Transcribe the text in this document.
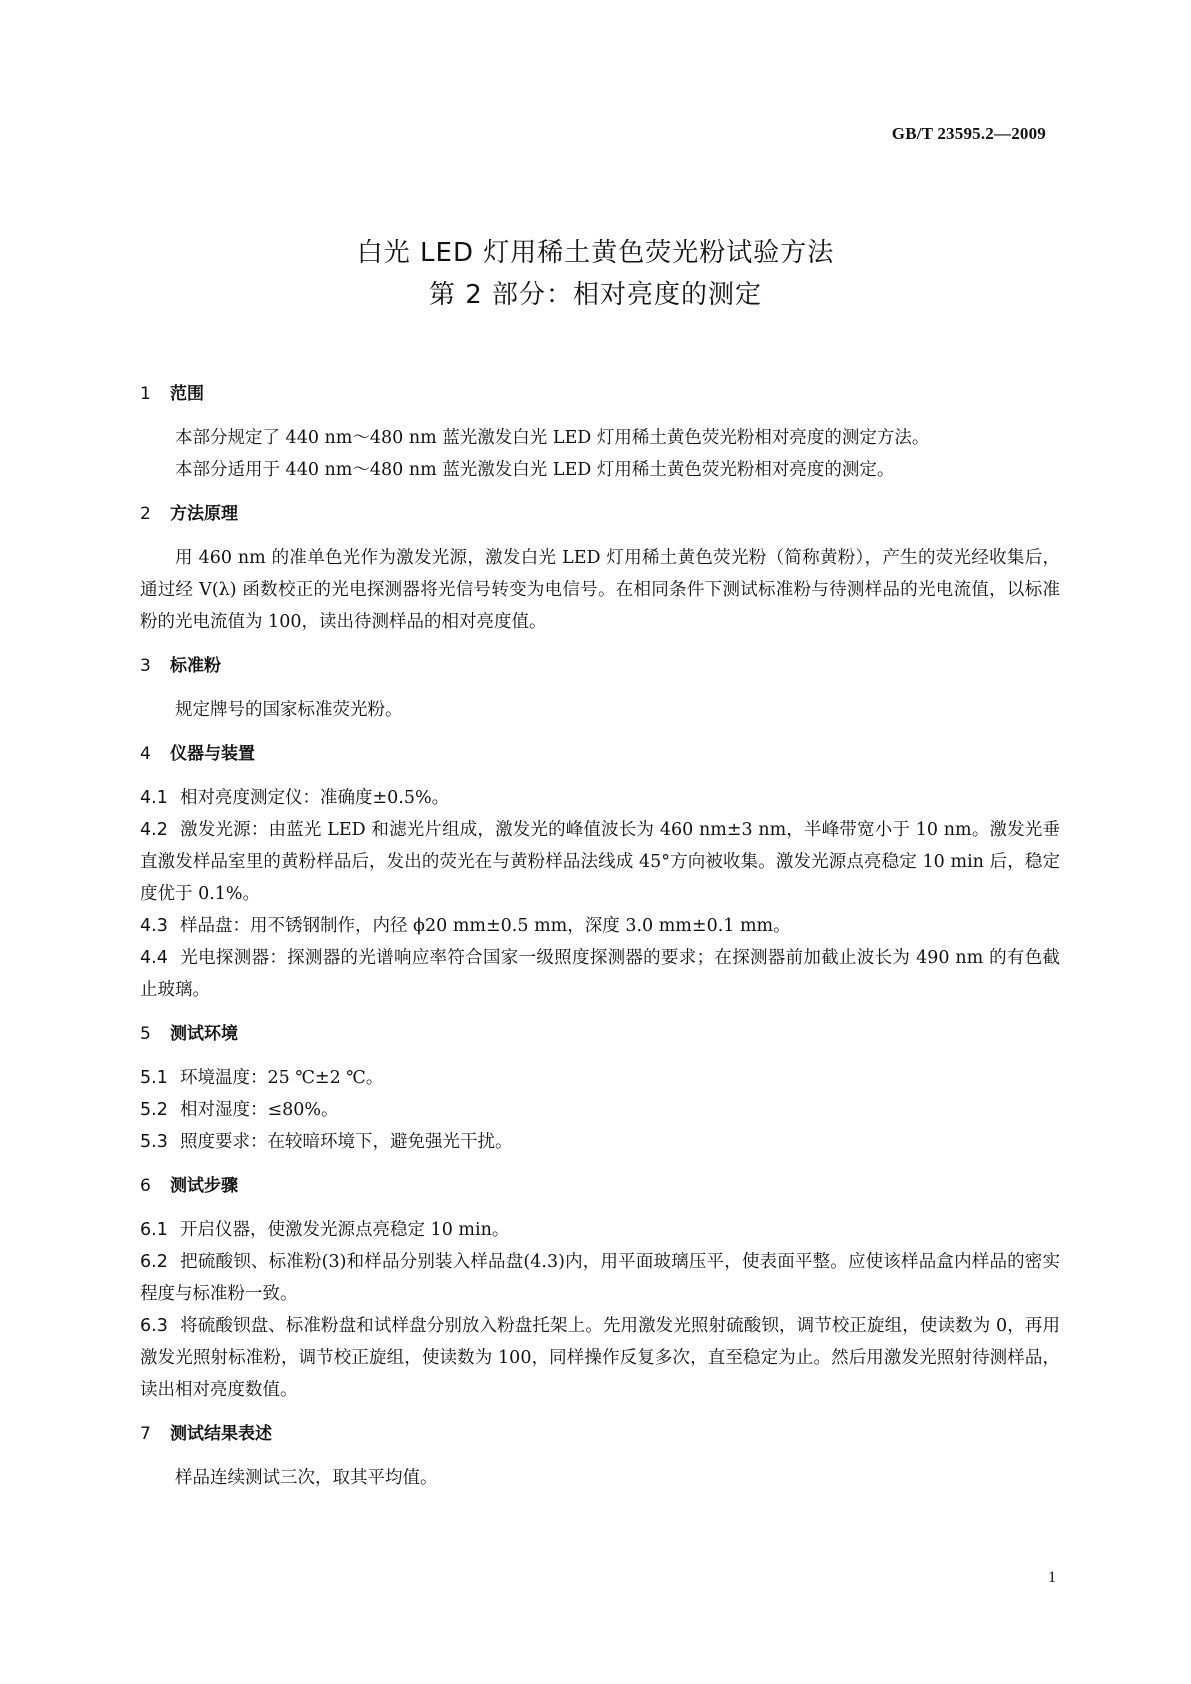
GB/T 23595.2—2009
白光 LED 灯用稀土黄色荧光粉试验方法
第 2 部分：相对亮度的测定
1 范围
本部分规定了 440 nm～480 nm 蓝光激发白光 LED 灯用稀土黄色荧光粉相对亮度的测定方法。
本部分适用于 440 nm～480 nm 蓝光激发白光 LED 灯用稀土黄色荧光粉相对亮度的测定。
2 方法原理
用 460 nm 的准单色光作为激发光源，激发白光 LED 灯用稀土黄色荧光粉（简称黄粉），产生的荧光经收集后，通过经 V(λ) 函数校正的光电探测器将光信号转变为电信号。在相同条件下测试标准粉与待测样品的光电流值，以标准粉的光电流值为 100，读出待测样品的相对亮度值。
3 标准粉
规定牌号的国家标准荧光粉。
4 仪器与装置
4.1 相对亮度测定仪：准确度±0.5%。
4.2 激发光源：由蓝光 LED 和滤光片组成，激发光的峰值波长为 460 nm±3 nm，半峰带宽小于 10 nm。激发光垂直激发样品室里的黄粉样品后，发出的荧光在与黄粉样品法线成 45°方向被收集。激发光源点亮稳定 10 min 后，稳定度优于 0.1%。
4.3 样品盘：用不锈钢制作，内径 ϕ20 mm±0.5 mm，深度 3.0 mm±0.1 mm。
4.4 光电探测器：探测器的光谱响应率符合国家一级照度探测器的要求；在探测器前加截止波长为 490 nm 的有色截止玻璃。
5 测试环境
5.1 环境温度：25 ℃±2 ℃。
5.2 相对湿度：≤80%。
5.3 照度要求：在较暗环境下，避免强光干扰。
6 测试步骤
6.1 开启仪器，使激发光源点亮稳定 10 min。
6.2 把硫酸钡、标准粉(3)和样品分别装入样品盘(4.3)内，用平面玻璃压平，使表面平整。应使该样品盒内样品的密实程度与标准粉一致。
6.3 将硫酸钡盘、标准粉盘和试样盘分别放入粉盘托架上。先用激发光照射硫酸钡，调节校正旋组，使读数为 0，再用激发光照射标准粉，调节校正旋组，使读数为 100，同样操作反复多次，直至稳定为止。然后用激发光照射待测样品，读出相对亮度数值。
7 测试结果表述
样品连续测试三次，取其平均值。
1
